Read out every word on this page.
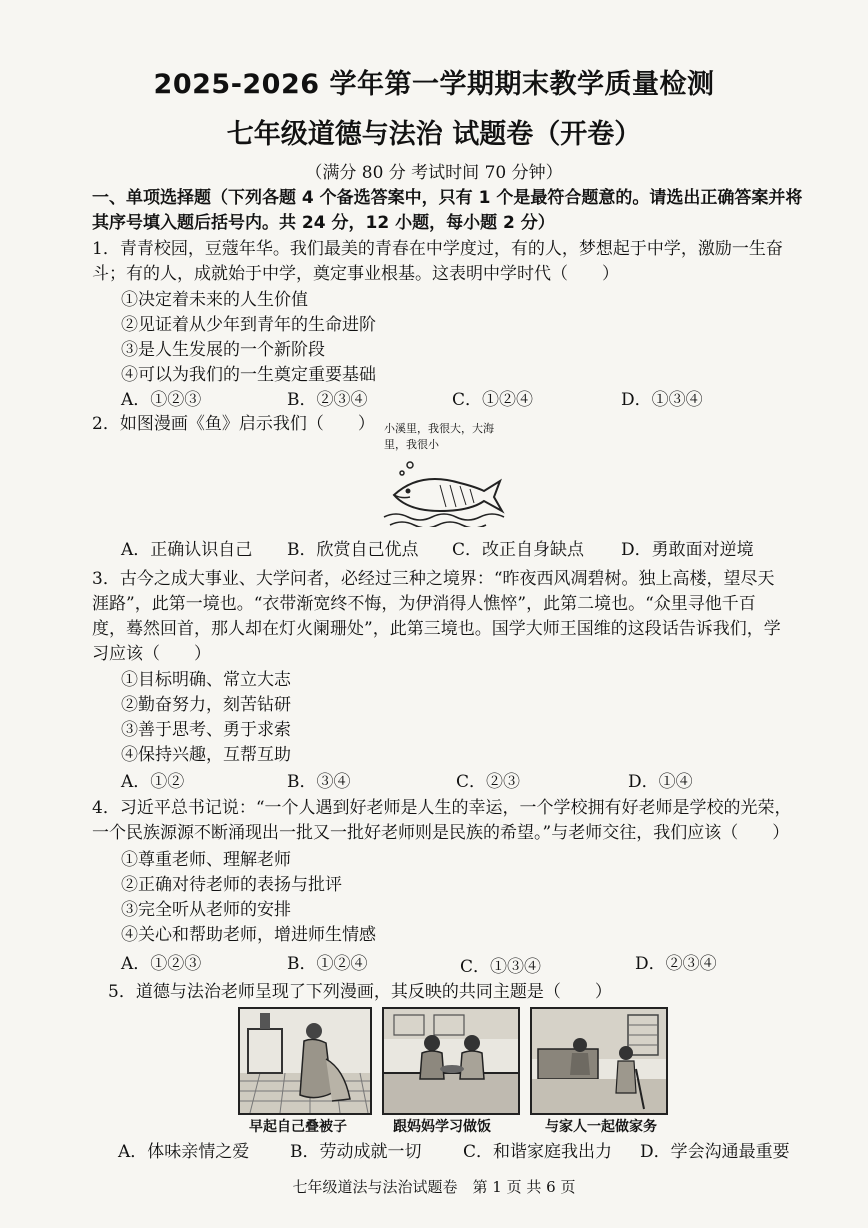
2025-2026 学年第一学期期末教学质量检测
七年级道德与法治 试题卷（开卷）
（满分 80 分 考试时间 70 分钟）
一、单项选择题（下列各题 4 个备选答案中，只有 1 个是最符合题意的。请选出正确答案并将
其序号填入题后括号内。共 24 分，12 小题，每小题 2 分）
1．青青校园，豆蔻年华。我们最美的青春在中学度过，有的人，梦想起于中学，激励一生奋
斗；有的人，成就始于中学，奠定事业根基。这表明中学时代（　　）
①决定着未来的人生价值
②见证着从少年到青年的生命进阶
③是人生发展的一个新阶段
④可以为我们的一生奠定重要基础
A．①②③	B．②③④	C．①②④	D．①③④
2．如图漫画《鱼》启示我们（　　） 小溪里，我很大，大海
里，我很小
A．正确认识自己 B．欣赏自己优点 C．改正自身缺点 D．勇敢面对逆境
3．古今之成大事业、大学问者，必经过三种之境界：“昨夜西风凋碧树。独上高楼，望尽天
涯路”，此第一境也。“衣带渐宽终不悔，为伊消得人憔悴”，此第二境也。“众里寻他千百
度，蓦然回首，那人却在灯火阑珊处”，此第三境也。国学大师王国维的这段话告诉我们，学
习应该（　　）
①目标明确、常立大志
②勤奋努力，刻苦钻研
③善于思考、勇于求索
④保持兴趣，互帮互助
A．①②	B．③④	C．②③	D．①④
4．习近平总书记说：“一个人遇到好老师是人生的幸运，一个学校拥有好老师是学校的光荣，
一个民族源源不断涌现出一批又一批好老师则是民族的希望。”与老师交往，我们应该（　　）
①尊重老师、理解老师
②正确对待老师的表扬与批评
③完全听从老师的安排
④关心和帮助老师，增进师生情感
A．①②③	B．①②④	C．①③④	D．②③④
5．道德与法治老师呈现了下列漫画，其反映的共同主题是（　　）
早起自己叠被子	跟妈妈学习做饭	与家人一起做家务
A．体味亲情之爱 B．劳动成就一切 C．和谐家庭我出力 D．学会沟通最重要
七年级道法与法治试题卷　第 1 页 共 6 页
